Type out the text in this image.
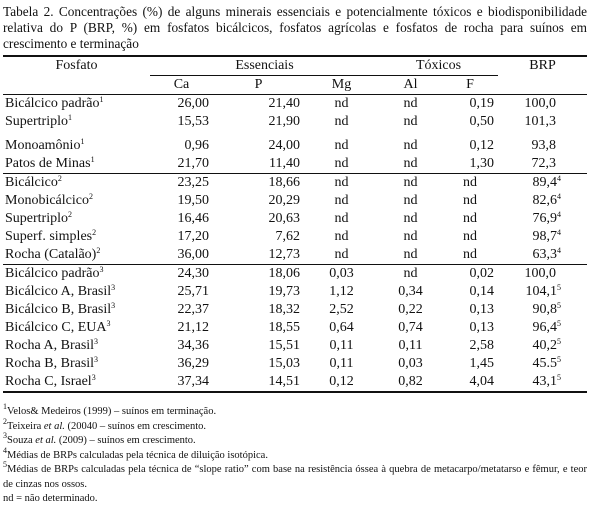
Tabela 2. Concentrações (%) de alguns minerais essenciais e potencialmente tóxicos e biodisponibilidade relativa do P (BRP, %) em fosfatos bicálcicos, fosfatos agrícolas e fosfatos de rocha para suínos em crescimento e terminação
Fosfato	Essenciais			Tóxicos		BRP
	Ca	P	Mg	Al	F	
Bicálcico padrão$^1$	26,00	21,40	nd	nd	0,19	100,0
Supertriplo$^1$	15,53	21,90	nd	nd	0,50	101,3

Monoamônio$^1$	0,96	24,00	nd	nd	0,12	93,8
Patos de Minas$^1$	21,70	11,40	nd	nd	1,30	72,3
Bicálcico$^2$	23,25	18,66	nd	nd	nd	89,4$^4$
Monobicálcico$^2$	19,50	20,29	nd	nd	nd	82,6$^4$
Supertriplo$^2$	16,46	20,63	nd	nd	nd	76,9$^4$
Superf. simples$^2$	17,20	7,62	nd	nd	nd	98,7$^4$
Rocha (Catalão)$^2$	36,00	12,73	nd	nd	nd	63,3$^4$
Bicálcico padrão$^3$	24,30	18,06	0,03	nd	0,02	100,0
Bicálcico A, Brasil$^3$	25,71	19,73	1,12	0,34	0,14	104,1$^5$
Bicálcico B, Brasil$^3$	22,37	18,32	2,52	0,22	0,13	90,8$^5$
Bicálcico C, EUA$^3$	21,12	18,55	0,64	0,74	0,13	96,4$^5$
Rocha A, Brasil$^3$	34,36	15,51	0,11	0,11	2,58	40,2$^5$
Rocha B, Brasil$^3$	36,29	15,03	0,11	0,03	1,45	45.5$^5$
Rocha C, Israel$^3$	37,34	14,51	0,12	0,82	4,04	43,1$^5$
$^1$Velos& Medeiros (1999) – suínos em terminação.
$^2$Teixeira et al. (20040 – suínos em crescimento.
$^3$Souza et al. (2009) – suínos em crescimento.
$^4$Médias de BRPs calculadas pela técnica de diluição isotópica.
$^5$Médias de BRPs calculadas pela técnica de “slope ratio” com base na resistência óssea à quebra de metacarpo/metatarso e fêmur, e teor de cinzas nos ossos.
nd = não determinado.
